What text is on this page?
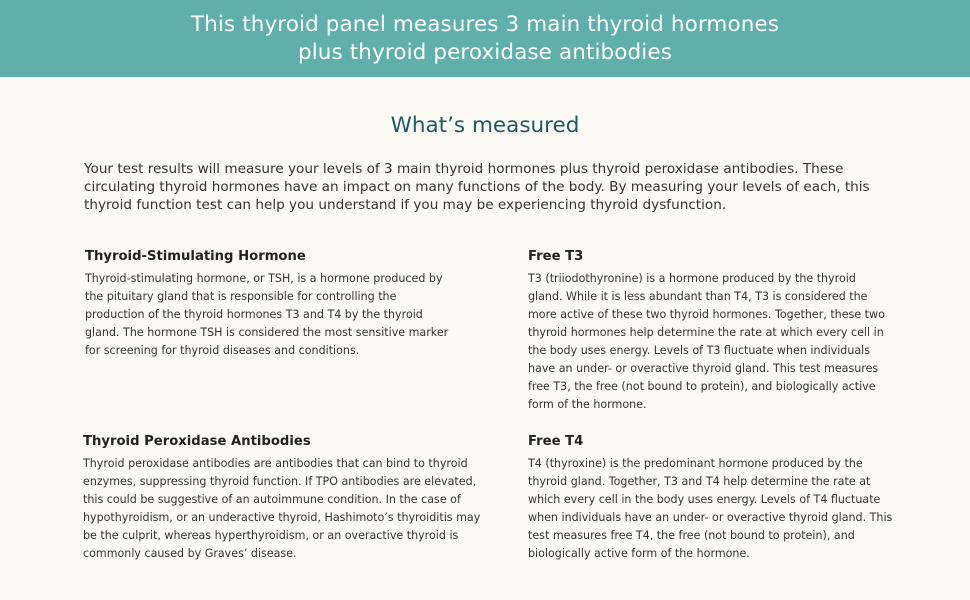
This thyroid panel measures 3 main thyroid hormones
plus thyroid peroxidase antibodies
What’s measured

Your test results will measure your levels of 3 main thyroid hormones plus thyroid peroxidase antibodies. These circulating thyroid hormones have an impact on many functions of the body. By measuring your levels of each, this thyroid function test can help you understand if you may be experiencing thyroid dysfunction.

Thyroid-Stimulating Hormone

Thyroid-stimulating hormone, or TSH, is a hormone produced by the pituitary gland that is responsible for controlling the production of the thyroid hormones T3 and T4 by the thyroid gland. The hormone TSH is considered the most sensitive marker for screening for thyroid diseases and conditions.

Free T3

T3 (triiodothyronine) is a hormone produced by the thyroid gland. While it is less abundant than T4, T3 is considered the more active of these two thyroid hormones. Together, these two thyroid hormones help determine the rate at which every cell in the body uses energy. Levels of T3 fluctuate when individuals have an under- or overactive thyroid gland. This test measures free T3, the free (not bound to protein), and biologically active form of the hormone.

Thyroid Peroxidase Antibodies

Thyroid peroxidase antibodies are antibodies that can bind to thyroid enzymes, suppressing thyroid function. If TPO antibodies are elevated, this could be suggestive of an autoimmune condition. In the case of hypothyroidism, or an underactive thyroid, Hashimoto’s thyroiditis may be the culprit, whereas hyperthyroidism, or an overactive thyroid is commonly caused by Graves’ disease.

Free T4

T4 (thyroxine) is the predominant hormone produced by the thyroid gland. Together, T3 and T4 help determine the rate at which every cell in the body uses energy. Levels of T4 fluctuate when individuals have an under- or overactive thyroid gland. This test measures free T4, the free (not bound to protein), and biologically active form of the hormone.
